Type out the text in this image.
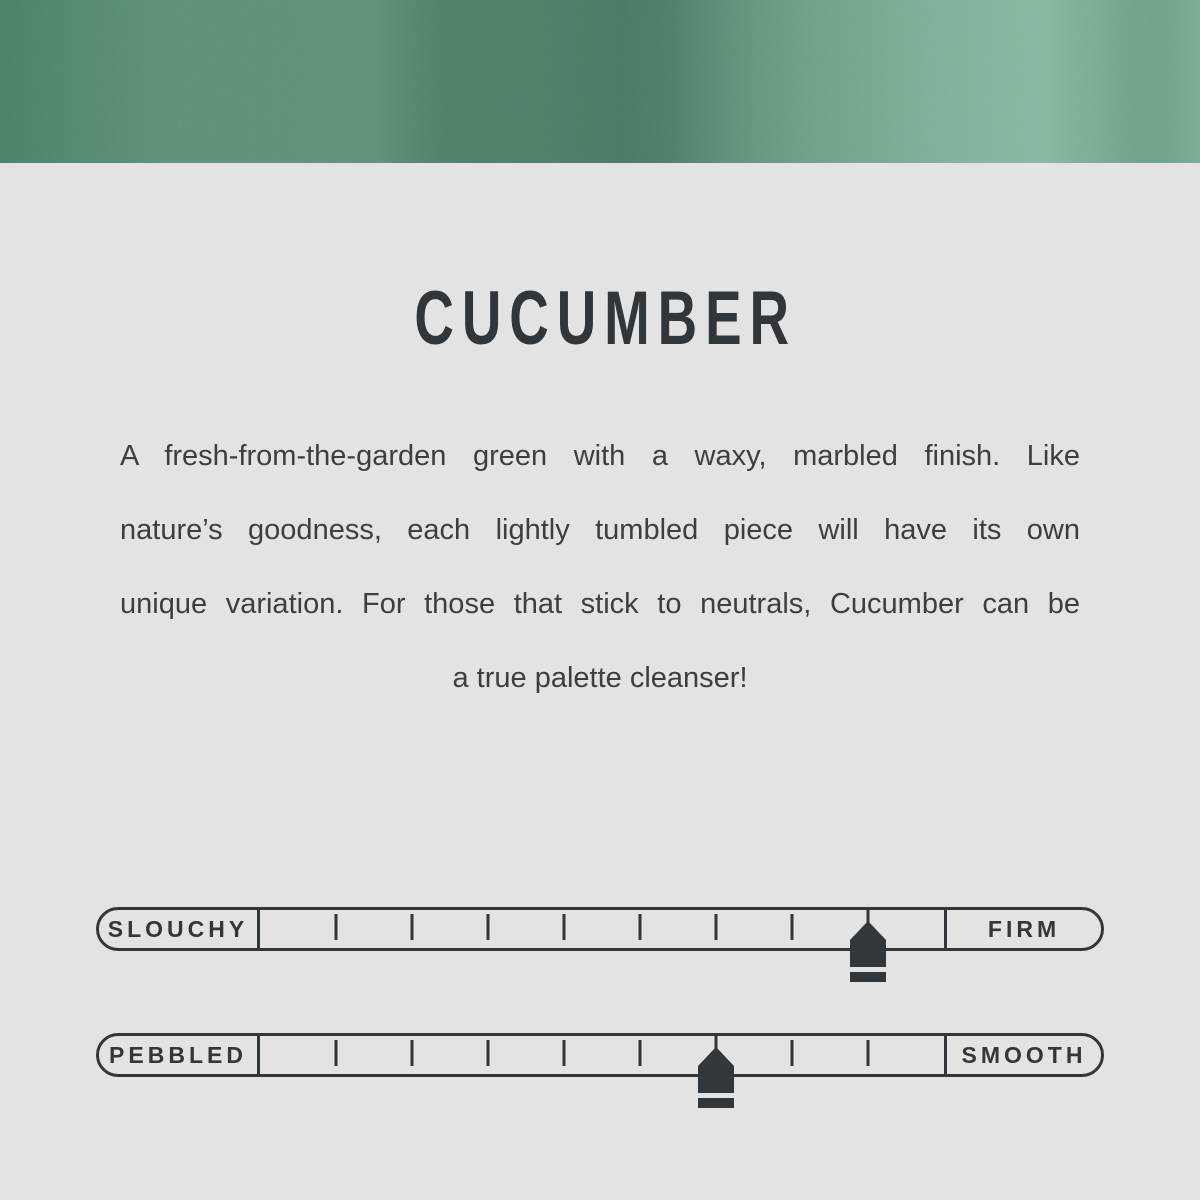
CUCUMBER
A fresh-from-the-garden green with a waxy, marbled finish. Like
nature’s goodness, each lightly tumbled piece will have its own
unique variation. For those that stick to neutrals, Cucumber can be
a true palette cleanser!
SLOUCHY	FIRM
PEBBLED	SMOOTH
